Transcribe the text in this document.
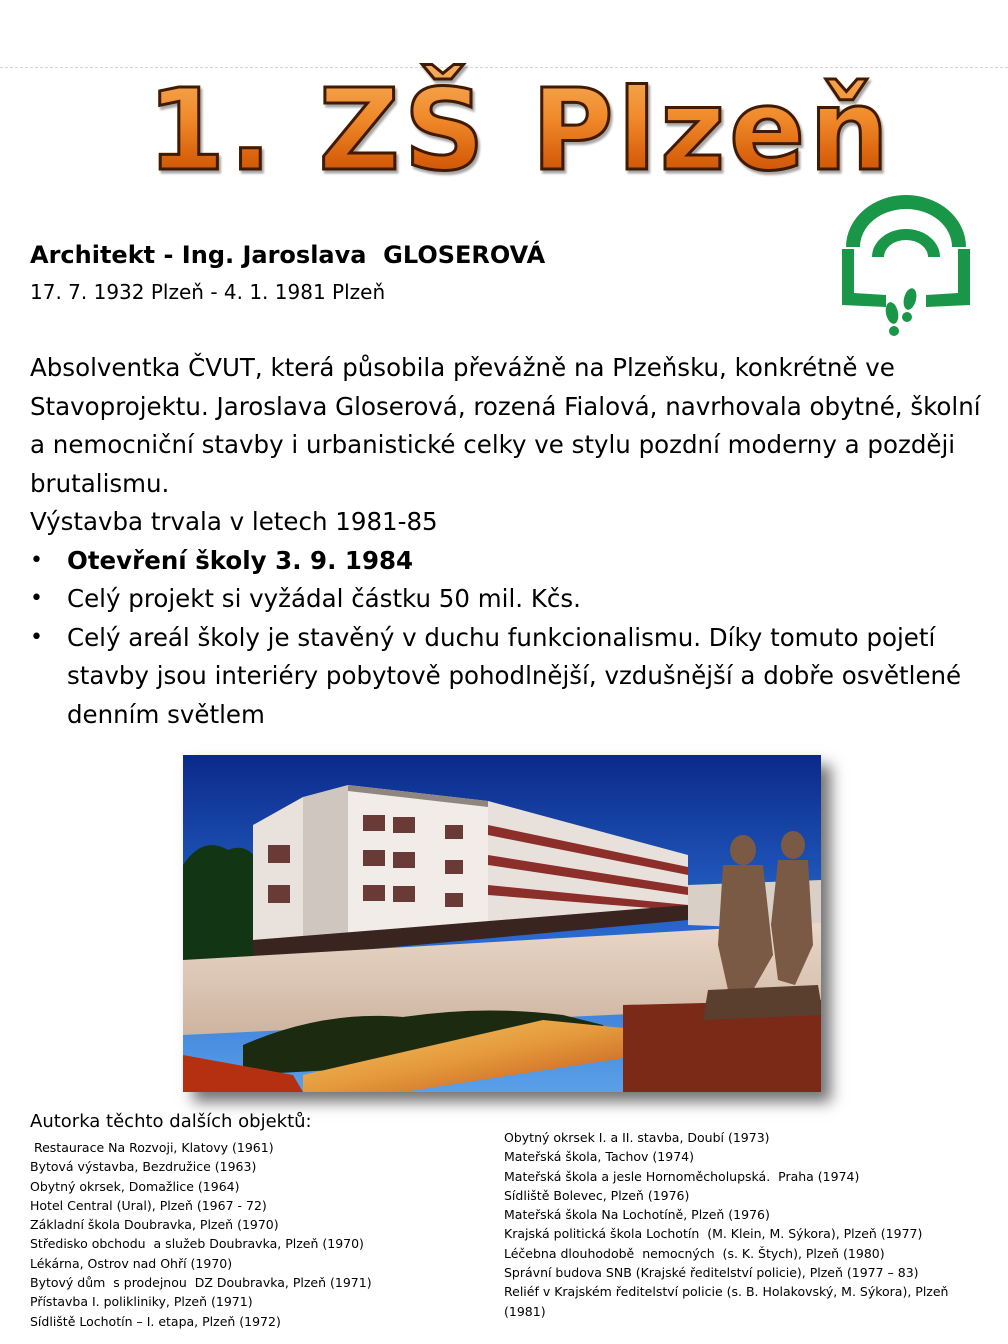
1. ZŠ Plzeň
Architekt - Ing. Jaroslava  GLOSEROVÁ
17. 7. 1932 Plzeň - 4. 1. 1981 Plzeň

Absolventka ČVUT, která působila převážně na Plzeňsku, konkrétně ve Stavoprojektu. Jaroslava Gloserová, rozená Fialová, navrhovala obytné, školní a nemocniční stavby i urbanistické celky ve stylu pozdní moderny a později brutalismu.

Výstavba trvala v letech 1981-85

• Otevření školy 3. 9. 1984
• Celý projekt si vyžádal částku 50 mil. Kčs.
• Celý areál školy je stavěný v duchu funkcionalismu. Díky tomuto pojetí stavby jsou interiéry pobytově pohodlnější, vzdušnější a dobře osvětlené denním světlem
Autorka těchto dalších objektů:
Restaurace Na Rozvoji, Klatovy (1961)
Bytová výstavba, Bezdružice (1963)
Obytný okrsek, Domažlice (1964)
Hotel Central (Ural), Plzeň (1967 - 72)
Základní škola Doubravka, Plzeň (1970)
Středisko obchodu  a služeb Doubravka, Plzeň (1970)
Lékárna, Ostrov nad Ohří (1970)
Bytový dům  s prodejnou  DZ Doubravka, Plzeň (1971)
Přístavba I. polikliniky, Plzeň (1971)
Sídliště Lochotín – I. etapa, Plzeň (1972)
Obytný okrsek I. a II. stavba, Doubí (1973)
Mateřská škola, Tachov (1974)
Mateřská škola a jesle Hornoměcholupská.  Praha (1974)
Sídliště Bolevec, Plzeň (1976)
Mateřská škola Na Lochotíně, Plzeň (1976)
Krajská politická škola Lochotín  (M. Klein, M. Sýkora), Plzeň (1977)
Léčebna dlouhodobě  nemocných  (s. K. Štych), Plzeň (1980)
Správní budova SNB (Krajské ředitelství policie), Plzeň (1977 – 83)
Reliéf v Krajském ředitelství policie (s. B. Holakovský, M. Sýkora), Plzeň (1981)
